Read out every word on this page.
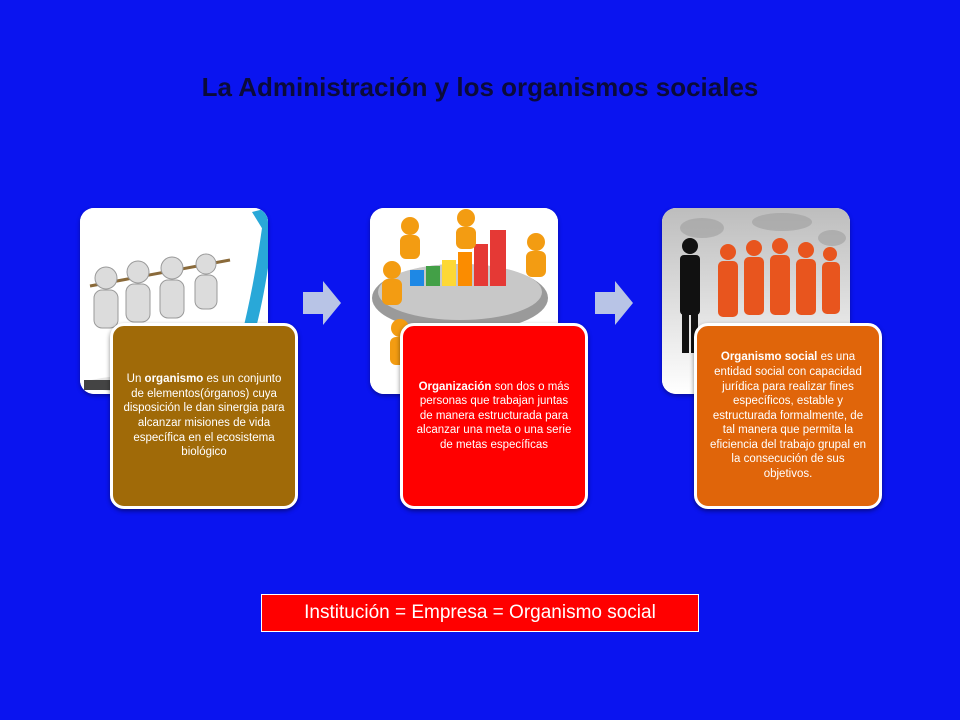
La Administración y los organismos sociales
Un organismo es un conjunto de elementos(órganos) cuya disposición le dan sinergia para alcanzar misiones de vida específica en el ecosistema biológico
Organización son dos o más personas que trabajan juntas de manera estructurada para alcanzar una meta o una serie de metas específicas
Organismo social es una entidad social con capacidad jurídica para realizar fines específicos, estable y estructurada formalmente, de tal manera que permita la eficiencia del trabajo grupal en la consecución de sus objetivos.
Institución = Empresa = Organismo social
